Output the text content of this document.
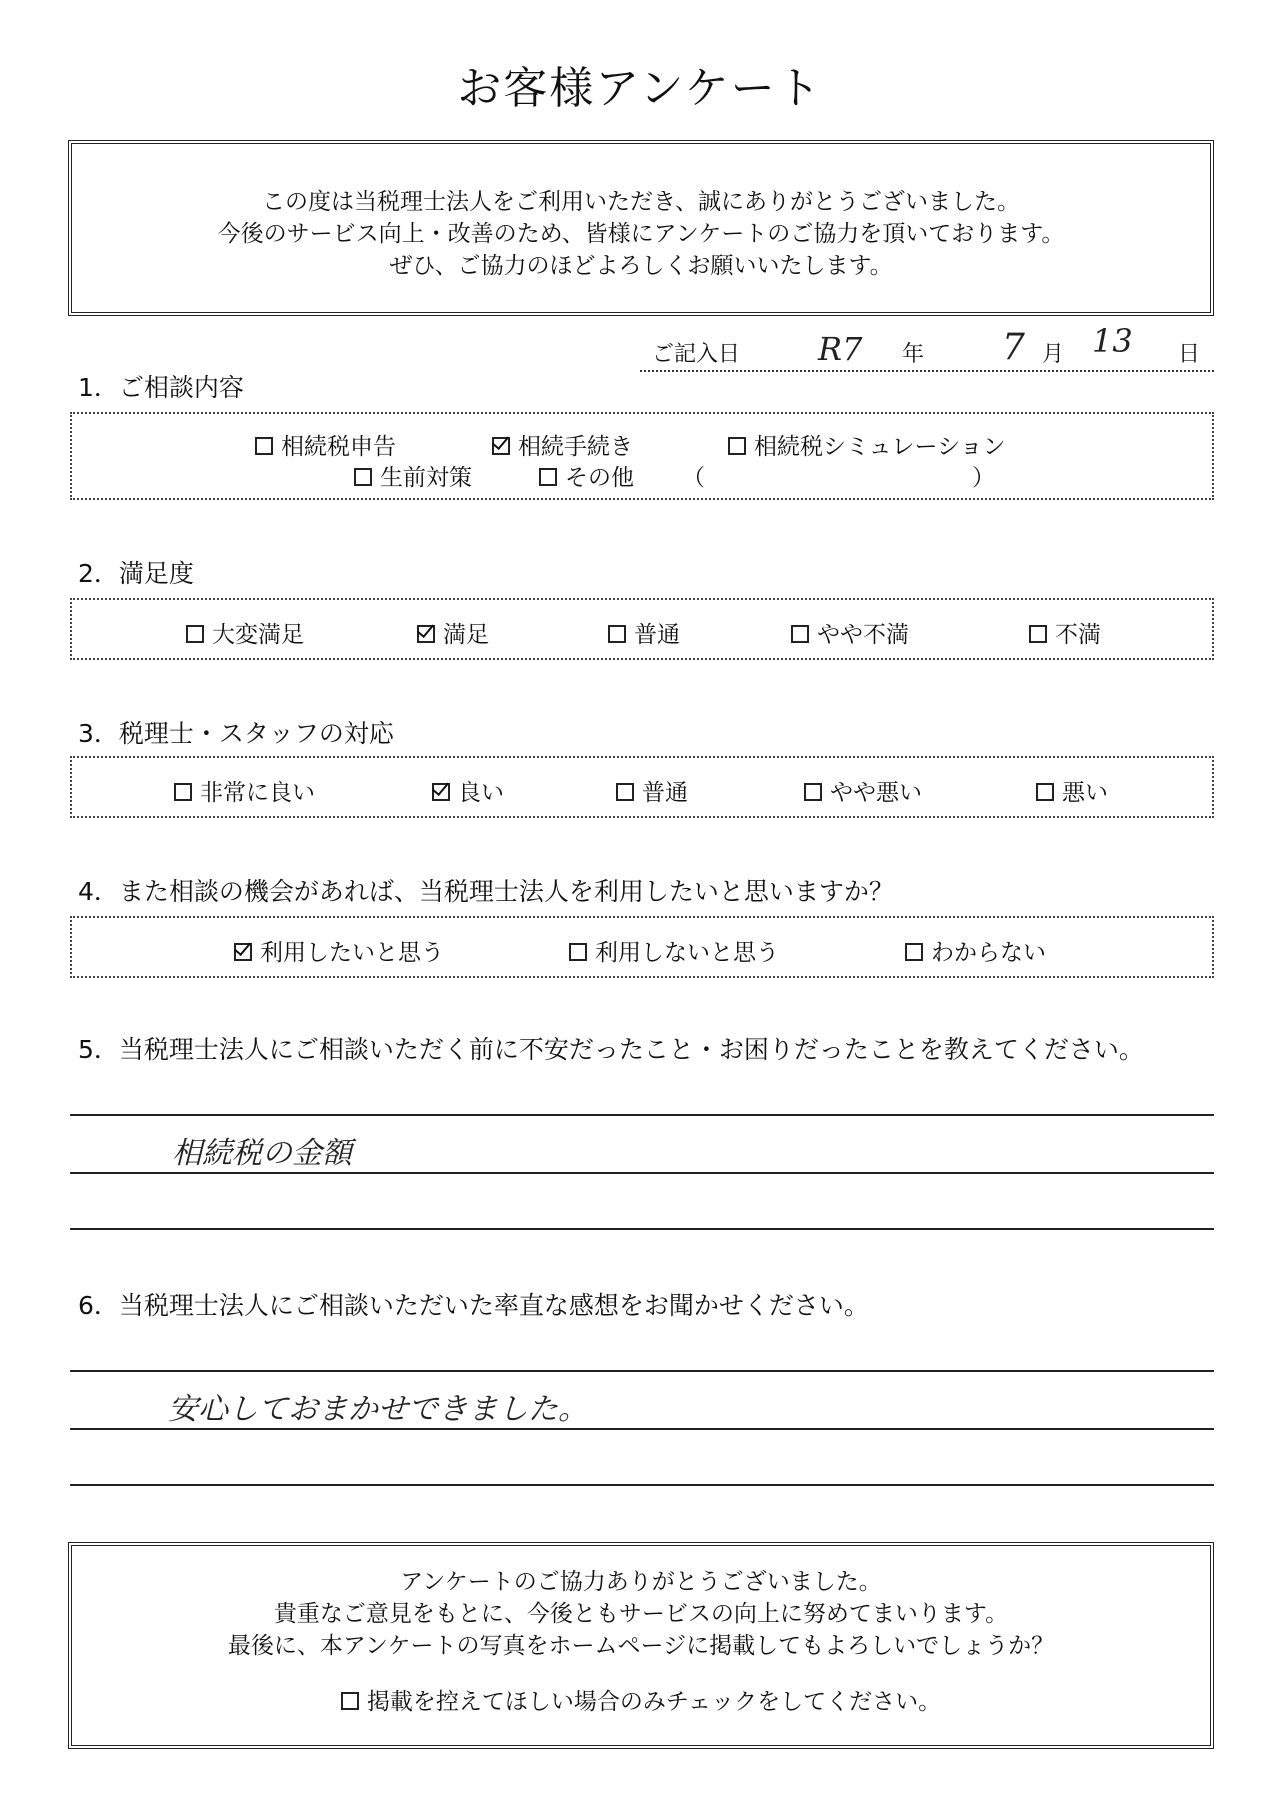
お客様アンケート
この度は当税理士法人をご利用いただき、誠にありがとうございました。
今後のサービス向上・改善のため、皆様にアンケートのご協力を頂いております。
ぜひ、ご協力のほどよろしくお願いいたします。
ご記入日 R7 年 7 月 13 日
1．ご相談内容
相続税申告	相続手続き	相続税シミュレーション
生前対策	その他 （	）
2．満足度
大変満足	満足	普通	やや不満	不満
3．税理士・スタッフの対応
非常に良い	良い	普通	やや悪い	悪い
4．また相談の機会があれば、当税理士法人を利用したいと思いますか？
利用したいと思う	利用しないと思う	わからない
5．当税理士法人にご相談いただく前に不安だったこと・お困りだったことを教えてください。
相続税の金額
6．当税理士法人にご相談いただいた率直な感想をお聞かせください。
安心しておまかせできました。
アンケートのご協力ありがとうございました。
貴重なご意見をもとに、今後ともサービスの向上に努めてまいります。
最後に、本アンケートの写真をホームページに掲載してもよろしいでしょうか？
掲載を控えてほしい場合のみチェックをしてください。
